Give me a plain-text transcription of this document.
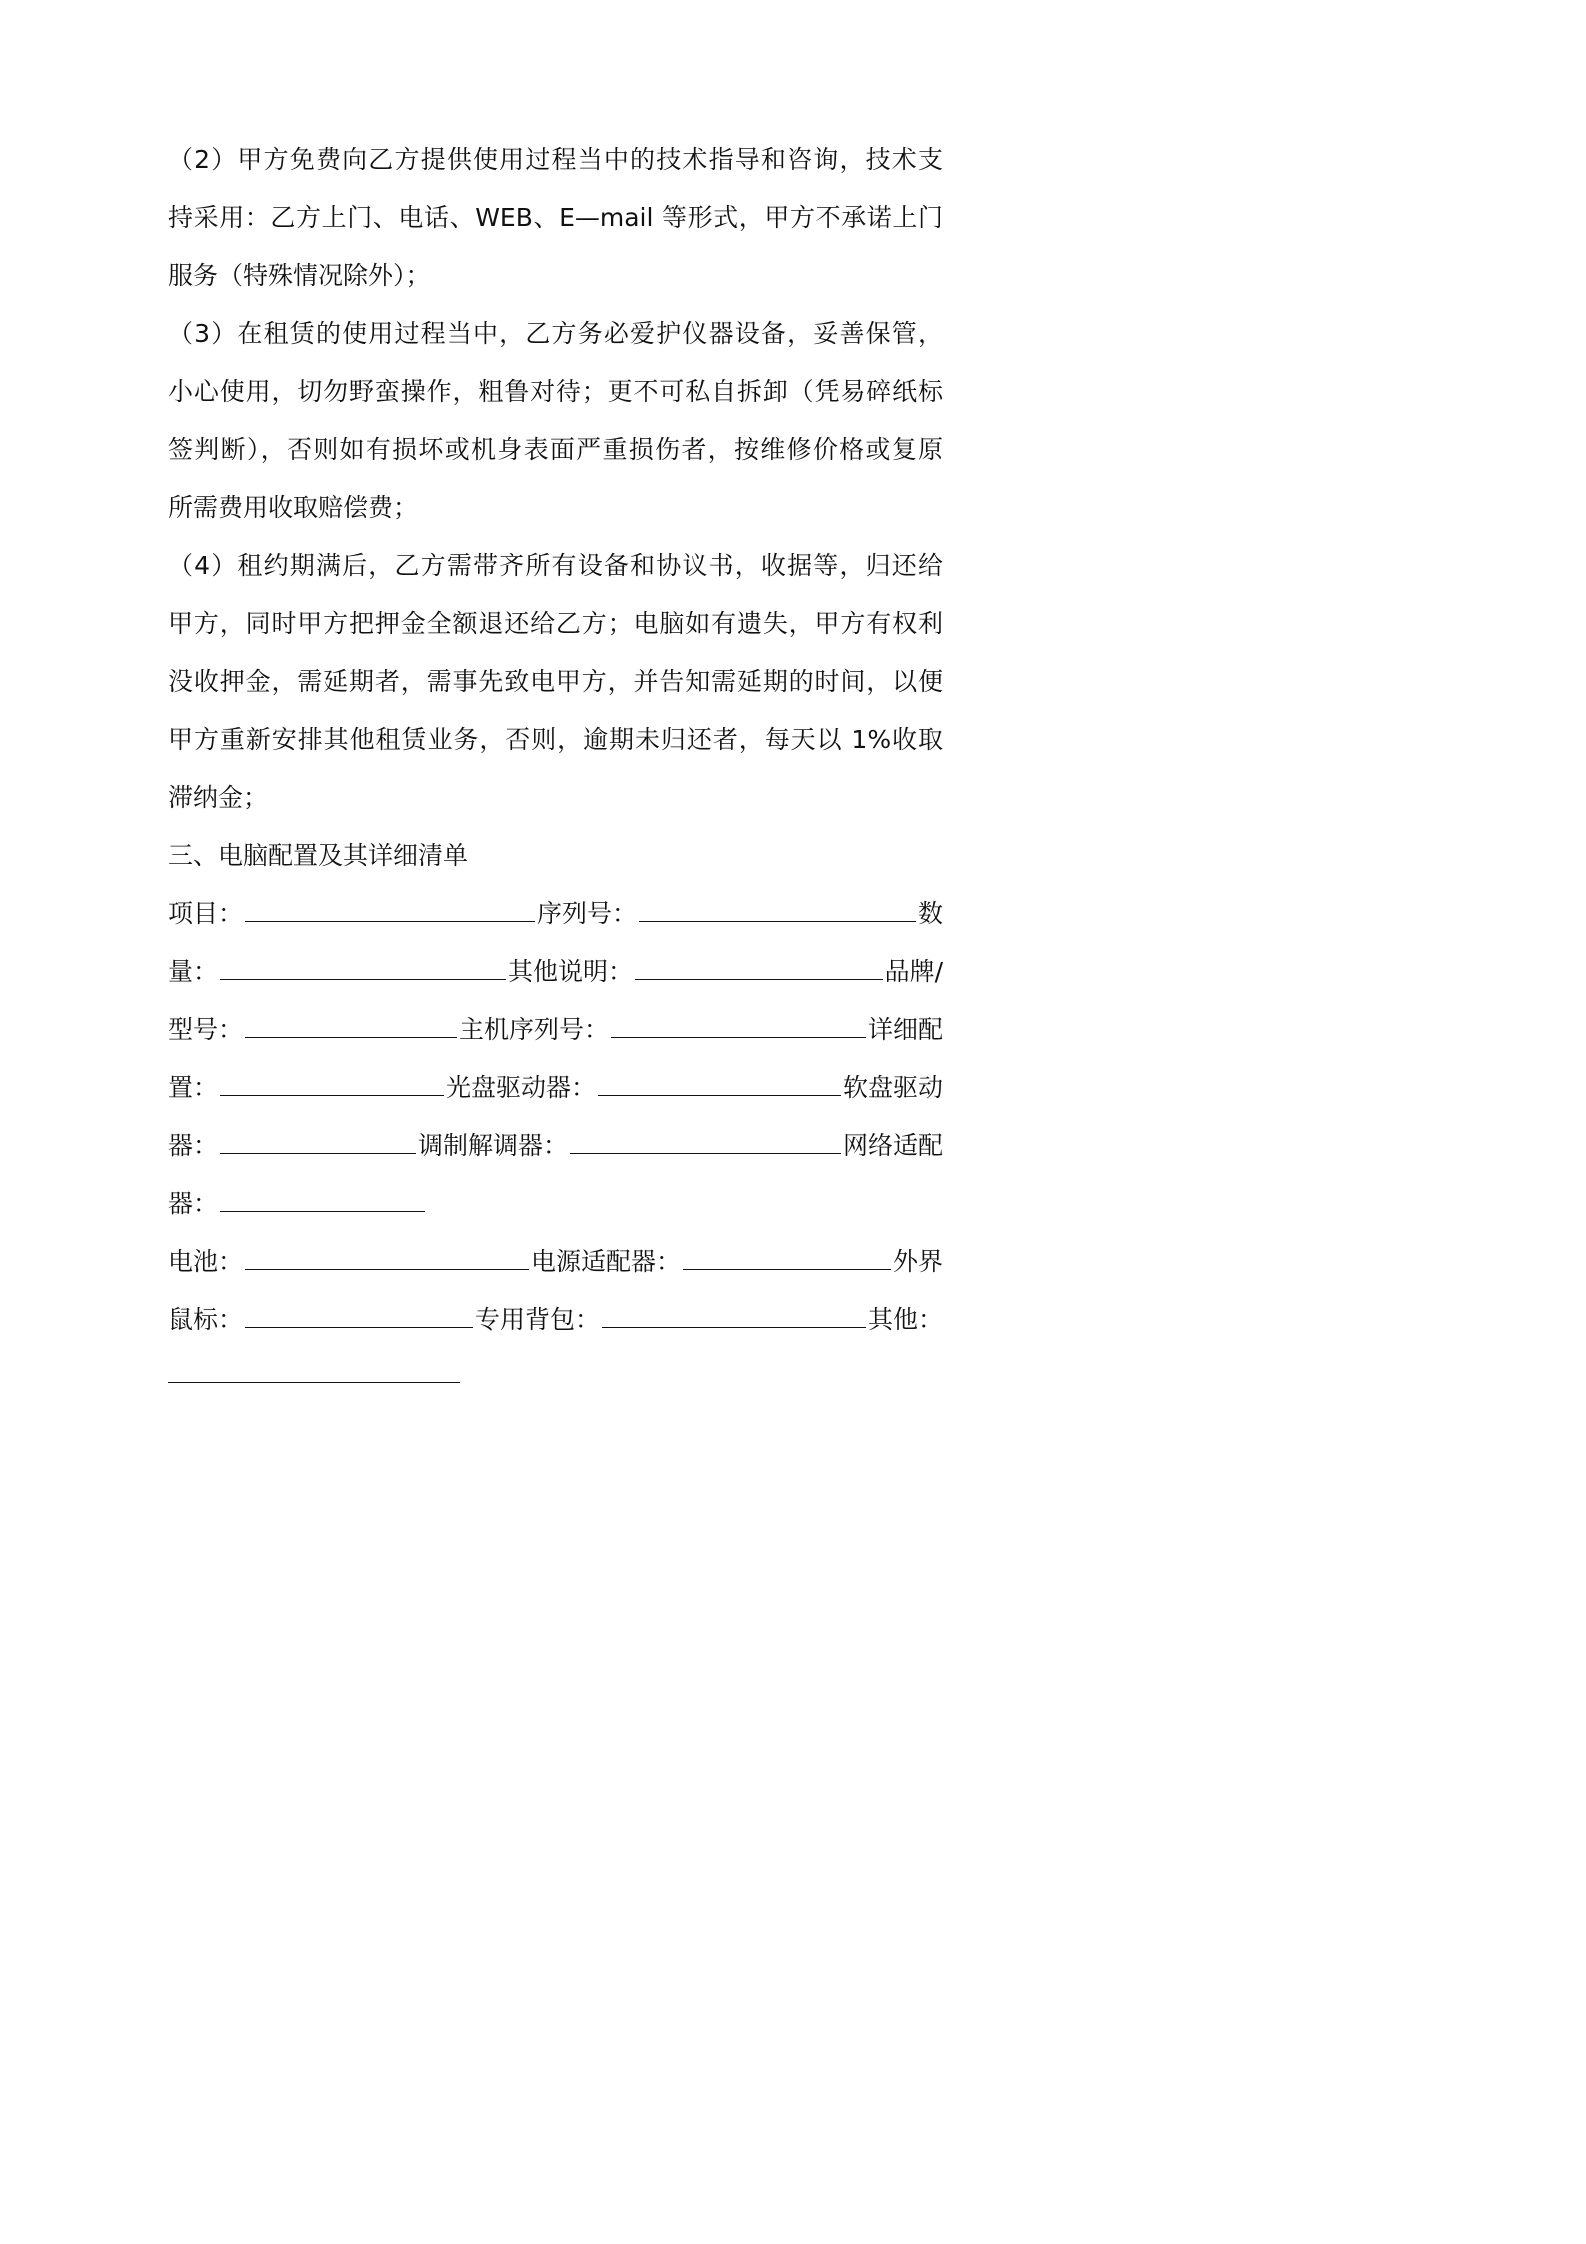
（2）甲方免费向乙方提供使用过程当中的技术指导和咨询，技术支
持采用：乙方上门、电话、WEB、E—mail 等形式，甲方不承诺上门
服务（特殊情况除外）；
（3）在租赁的使用过程当中，乙方务必爱护仪器设备，妥善保管，
小心使用，切勿野蛮操作，粗鲁对待；更不可私自拆卸（凭易碎纸标
签判断），否则如有损坏或机身表面严重损伤者，按维修价格或复原
所需费用收取赔偿费；
（4）租约期满后，乙方需带齐所有设备和协议书，收据等，归还给
甲方，同时甲方把押金全额退还给乙方；电脑如有遗失，甲方有权利
没收押金，需延期者，需事先致电甲方，并告知需延期的时间，以便
甲方重新安排其他租赁业务，否则，逾期未归还者，每天以 1%收取
滞纳金；
三、电脑配置及其详细清单
项目：	序列号：	数
量：	其他说明：	品牌/
型号：	主机序列号：	详细配
置：	光盘驱动器：	软盘驱动
器：	调制解调器：	网络适配
器：
电池：	电源适配器：	外界
鼠标：	专用背包：	其他：
